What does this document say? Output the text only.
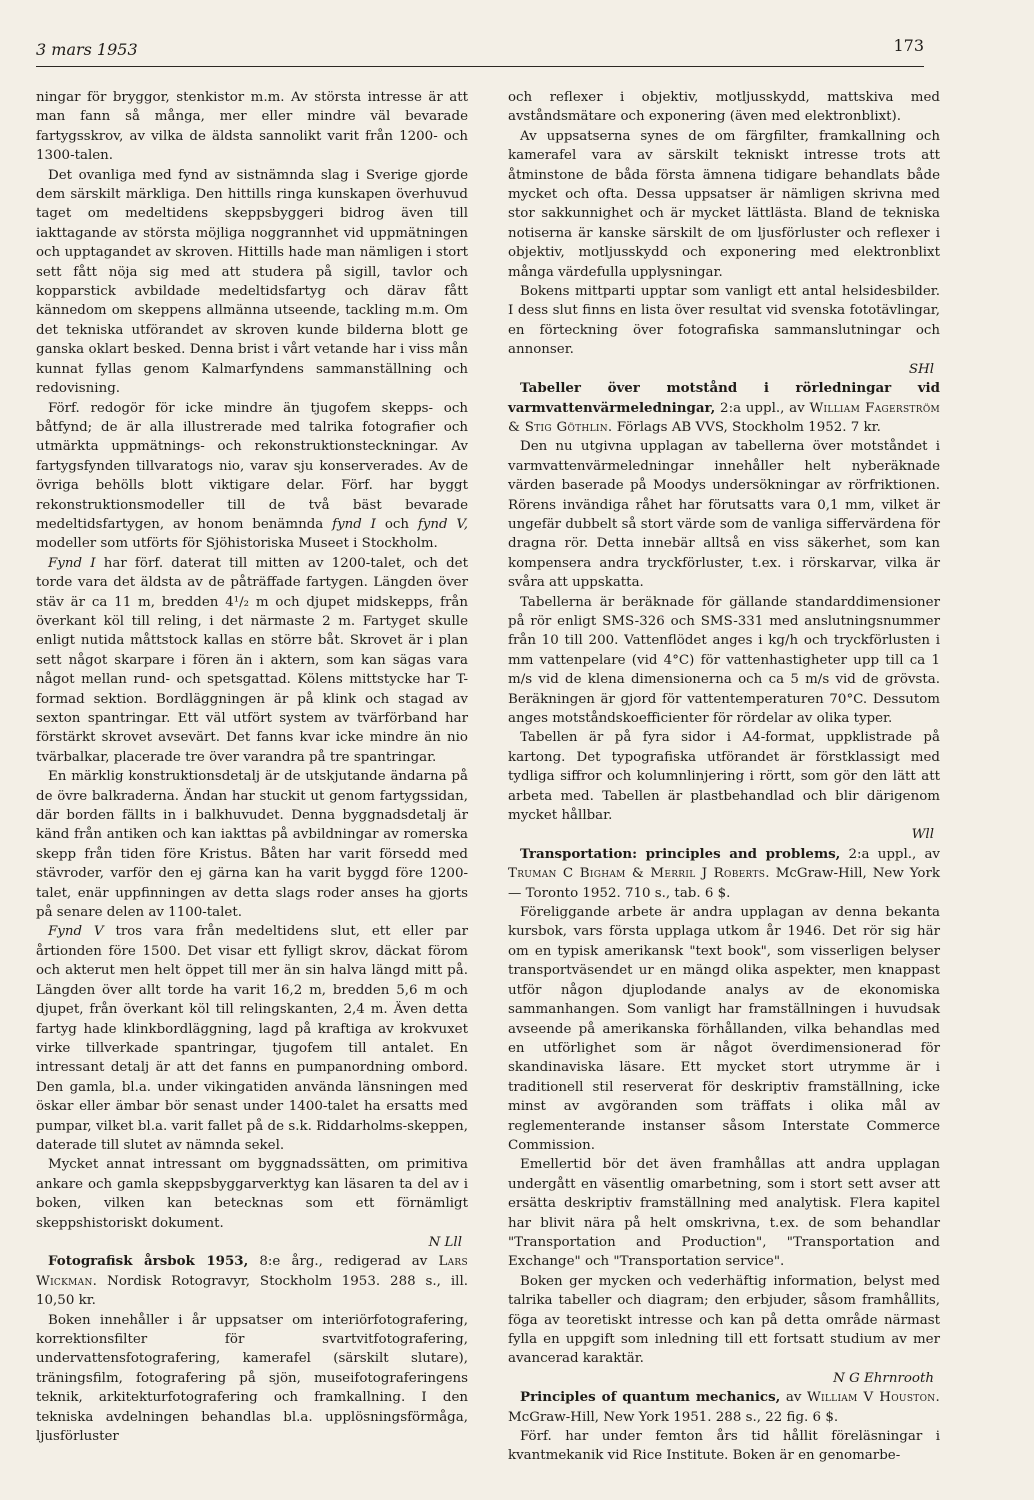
3 mars 1953	173

ningar för bryggor, stenkistor m.m. Av största intresse är att man fann så många, mer eller mindre väl bevarade fartygsskrov, av vilka de äldsta sannolikt varit från 1200- och 1300-talen.

Det ovanliga med fynd av sistnämnda slag i Sverige gjorde dem särskilt märkliga. Den hittills ringa kunskapen överhuvud taget om medeltidens skeppsbyggeri bidrog även till iakttagande av största möjliga noggrannhet vid uppmätningen och upptagandet av skroven. Hittills hade man nämligen i stort sett fått nöja sig med att studera på sigill, tavlor och kopparstick avbildade medeltidsfartyg och därav fått kännedom om skeppens allmänna utseende, tackling m.m. Om det tekniska utförandet av skroven kunde bilderna blott ge ganska oklart besked. Denna brist i vårt vetande har i viss mån kunnat fyllas genom Kalmarfyndens sammanställning och redovisning.

Förf. redogör för icke mindre än tjugofem skepps- och båtfynd; de är alla illustrerade med talrika fotografier och utmärkta uppmätnings- och rekonstruktionsteckningar. Av fartygsfynden tillvaratogs nio, varav sju konserverades. Av de övriga behölls blott viktigare delar. Förf. har byggt rekonstruktionsmodeller till de två bäst bevarade medeltidsfartygen, av honom benämnda fynd I och fynd V, modeller som utförts för Sjöhistoriska Museet i Stockholm.

Fynd I har förf. daterat till mitten av 1200-talet, och det torde vara det äldsta av de påträffade fartygen. Längden över stäv är ca 11 m, bredden 4¹/₂ m och djupet midskepps, från överkant köl till reling, i det närmaste 2 m. Fartyget skulle enligt nutida måttstock kallas en större båt. Skrovet är i plan sett något skarpare i fören än i aktern, som kan sägas vara något mellan rund- och spetsgattad. Kölens mittstycke har T-formad sektion. Bordläggningen är på klink och stagad av sexton spantringar. Ett väl utfört system av tvärförband har förstärkt skrovet avsevärt. Det fanns kvar icke mindre än nio tvärbalkar, placerade tre över varandra på tre spantringar.

En märklig konstruktionsdetalj är de utskjutande ändarna på de övre balkraderna. Ändan har stuckit ut genom fartygssidan, där borden fällts in i balkhuvudet. Denna byggnadsdetalj är känd från antiken och kan iakttas på avbildningar av romerska skepp från tiden före Kristus. Båten har varit försedd med stävroder, varför den ej gärna kan ha varit byggd före 1200-talet, enär uppfinningen av detta slags roder anses ha gjorts på senare delen av 1100-talet.

Fynd V tros vara från medeltidens slut, ett eller par årtionden före 1500. Det visar ett fylligt skrov, däckat förom och akterut men helt öppet till mer än sin halva längd mitt på. Längden över allt torde ha varit 16,2 m, bredden 5,6 m och djupet, från överkant köl till relingskanten, 2,4 m. Även detta fartyg hade klinkbordläggning, lagd på kraftiga av krokvuxet virke tillverkade spantringar, tjugofem till antalet. En intressant detalj är att det fanns en pumpanordning ombord. Den gamla, bl.a. under vikingatiden använda länsningen med öskar eller ämbar bör senast under 1400-talet ha ersatts med pumpar, vilket bl.a. varit fallet på de s.k. Riddarholms-skeppen, daterade till slutet av nämnda sekel.

Mycket annat intressant om byggnadssätten, om primitiva ankare och gamla skeppsbyggarverktyg kan läsaren ta del av i boken, vilken kan betecknas som ett förnämligt skeppshistoriskt dokument.
N Lll

Fotografisk årsbok 1953, 8:e årg., redigerad av Lars Wickman. Nordisk Rotogravyr, Stockholm 1953. 288 s., ill. 10,50 kr.

Boken innehåller i år uppsatser om interiörfotografering, korrektionsfilter för svartvitfotografering, undervattensfotografering, kamerafel (särskilt slutare), träningsfilm, fotografering på sjön, museifotograferingens teknik, arkitekturfotografering och framkallning. I den tekniska avdelningen behandlas bl.a. upplösningsförmåga, ljusförluster

och reflexer i objektiv, motljusskydd, mattskiva med avståndsmätare och exponering (även med elektronblixt).

Av uppsatserna synes de om färgfilter, framkallning och kamerafel vara av särskilt tekniskt intresse trots att åtminstone de båda första ämnena tidigare behandlats både mycket och ofta. Dessa uppsatser är nämligen skrivna med stor sakkunnighet och är mycket lättlästa. Bland de tekniska notiserna är kanske särskilt de om ljusförluster och reflexer i objektiv, motljusskydd och exponering med elektronblixt många värdefulla upplysningar.

Bokens mittparti upptar som vanligt ett antal helsidesbilder. I dess slut finns en lista över resultat vid svenska fototävlingar, en förteckning över fotografiska sammanslutningar och annonser.
SHl

Tabeller över motstånd i rörledningar vid varmvattenvärmeledningar, 2:a uppl., av William Fagerström & Stig Göthlin. Förlags AB VVS, Stockholm 1952. 7 kr.

Den nu utgivna upplagan av tabellerna över motståndet i varmvattenvärmeledningar innehåller helt nyberäknade värden baserade på Moodys undersökningar av rörfriktionen. Rörens invändiga råhet har förutsatts vara 0,1 mm, vilket är ungefär dubbelt så stort värde som de vanliga siffervärdena för dragna rör. Detta innebär alltså en viss säkerhet, som kan kompensera andra tryckförluster, t.ex. i rörskarvar, vilka är svåra att uppskatta.

Tabellerna är beräknade för gällande standarddimensioner på rör enligt SMS-326 och SMS-331 med anslutningsnummer från 10 till 200. Vattenflödet anges i kg/h och tryckförlusten i mm vattenpelare (vid 4°C) för vattenhastigheter upp till ca 1 m/s vid de klena dimensionerna och ca 5 m/s vid de grövsta. Beräkningen är gjord för vattentemperaturen 70°C. Dessutom anges motståndskoefficienter för rördelar av olika typer.

Tabellen är på fyra sidor i A4-format, uppklistrade på kartong. Det typografiska utförandet är förstklassigt med tydliga siffror och kolumnlinjering i rörtt, som gör den lätt att arbeta med. Tabellen är plastbehandlad och blir därigenom mycket hållbar.
Wll

Transportation: principles and problems, 2:a uppl., av Truman C Bigham & Merril J Roberts. McGraw-Hill, New York — Toronto 1952. 710 s., tab. 6 $.

Föreliggande arbete är andra upplagan av denna bekanta kursbok, vars första upplaga utkom år 1946. Det rör sig här om en typisk amerikansk "text book", som visserligen belyser transportväsendet ur en mängd olika aspekter, men knappast utför någon djuplodande analys av de ekonomiska sammanhangen. Som vanligt har framställningen i huvudsak avseende på amerikanska förhållanden, vilka behandlas med en utförlighet som är något överdimensionerad för skandinaviska läsare. Ett mycket stort utrymme är i traditionell stil reserverat för deskriptiv framställning, icke minst av avgöranden som träffats i olika mål av reglementerande instanser såsom Interstate Commerce Commission.

Emellertid bör det även framhållas att andra upplagan undergått en väsentlig omarbetning, som i stort sett avser att ersätta deskriptiv framställning med analytisk. Flera kapitel har blivit nära på helt omskrivna, t.ex. de som behandlar "Transportation and Production", "Transportation and Exchange" och "Transportation service".

Boken ger mycken och vederhäftig information, belyst med talrika tabeller och diagram; den erbjuder, såsom framhållits, föga av teoretiskt intresse och kan på detta område närmast fylla en uppgift som inledning till ett fortsatt studium av mer avancerad karaktär.
N G Ehrnrooth

Principles of quantum mechanics, av William V Houston. McGraw-Hill, New York 1951. 288 s., 22 fig. 6 $.

Förf. har under femton års tid hållit föreläsningar i kvantmekanik vid Rice Institute. Boken är en genomarbe-
